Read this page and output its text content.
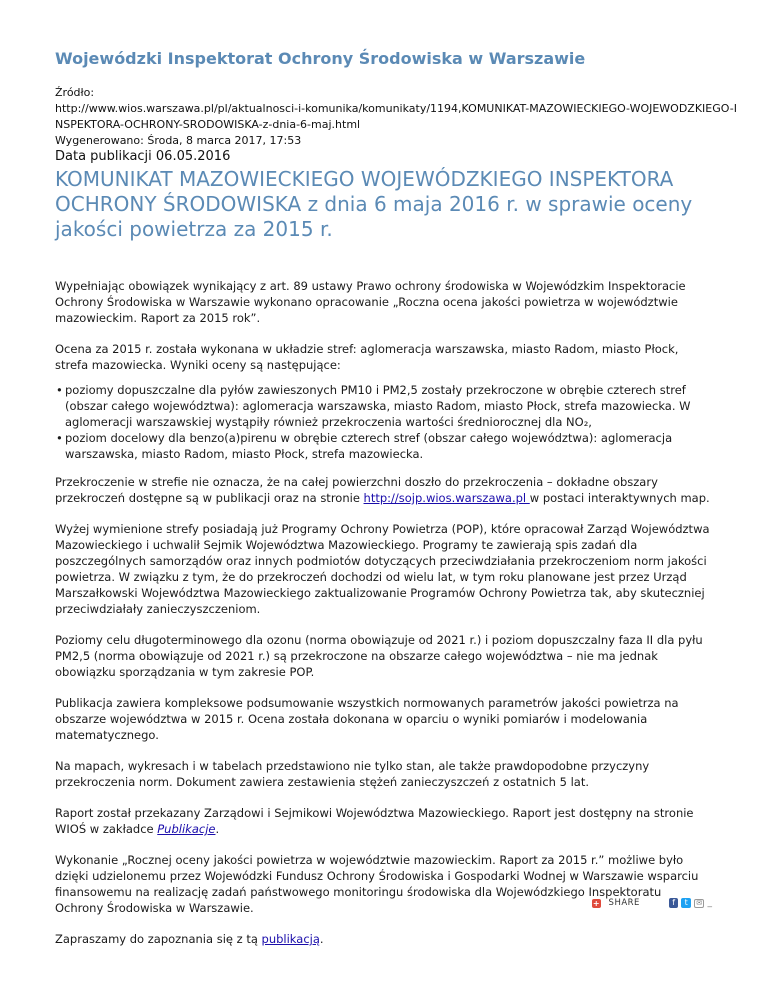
Wojewódzki Inspektorat Ochrony Środowiska w Warszawie
Źródło:
http://www.wios.warszawa.pl/pl/aktualnosci-i-komunika/komunikaty/1194,KOMUNIKAT-MAZOWIECKIEGO-WOJEWODZKIEGO-I
NSPEKTORA-OCHRONY-SRODOWISKA-z-dnia-6-maj.html
Wygenerowano: Środa, 8 marca 2017, 17:53
Data publikacji 06.05.2016
KOMUNIKAT MAZOWIECKIEGO WOJEWÓDZKIEGO INSPEKTORA OCHRONY ŚRODOWISKA z dnia 6 maja 2016 r. w sprawie oceny jakości powietrza za 2015 r.

Wypełniając obowiązek wynikający z art. 89 ustawy Prawo ochrony środowiska w Wojewódzkim Inspektoracie Ochrony Środowiska w Warszawie wykonano opracowanie „Roczna ocena jakości powietrza w województwie mazowieckim. Raport za 2015 rok”.

Ocena za 2015 r. została wykonana w układzie stref: aglomeracja warszawska, miasto Radom, miasto Płock, strefa mazowiecka. Wyniki oceny są następujące:

• poziomy dopuszczalne dla pyłów zawieszonych PM10 i PM2,5 zostały przekroczone w obrębie czterech stref (obszar całego województwa): aglomeracja warszawska, miasto Radom, miasto Płock, strefa mazowiecka. W aglomeracji warszawskiej wystąpiły również przekroczenia wartości średniorocznej dla NO₂,
• poziom docelowy dla benzo(a)pirenu w obrębie czterech stref (obszar całego województwa): aglomeracja warszawska, miasto Radom, miasto Płock, strefa mazowiecka.

Przekroczenie w strefie nie oznacza, że na całej powierzchni doszło do przekroczenia – dokładne obszary przekroczeń dostępne są w publikacji oraz na stronie http://sojp.wios.warszawa.pl w postaci interaktywnych map.

Wyżej wymienione strefy posiadają już Programy Ochrony Powietrza (POP), które opracował Zarząd Województwa Mazowieckiego i uchwalił Sejmik Województwa Mazowieckiego. Programy te zawierają spis zadań dla poszczególnych samorządów oraz innych podmiotów dotyczących przeciwdziałania przekroczeniom norm jakości powietrza. W związku z tym, że do przekroczeń dochodzi od wielu lat, w tym roku planowane jest przez Urząd Marszałkowski Województwa Mazowieckiego zaktualizowanie Programów Ochrony Powietrza tak, aby skuteczniej przeciwdziałały zanieczyszczeniom.

Poziomy celu długoterminowego dla ozonu (norma obowiązuje od 2021 r.) i poziom dopuszczalny faza II dla pyłu PM2,5 (norma obowiązuje od 2021 r.) są przekroczone na obszarze całego województwa – nie ma jednak obowiązku sporządzania w tym zakresie POP.

Publikacja zawiera kompleksowe podsumowanie wszystkich normowanych parametrów jakości powietrza na obszarze województwa w 2015 r. Ocena została dokonana w oparciu o wyniki pomiarów i modelowania matematycznego.

Na mapach, wykresach i w tabelach przedstawiono nie tylko stan, ale także prawdopodobne przyczyny przekroczenia norm. Dokument zawiera zestawienia stężeń zanieczyszczeń z ostatnich 5 lat.

Raport został przekazany Zarządowi i Sejmikowi Województwa Mazowieckiego. Raport jest dostępny na stronie WIOŚ w zakładce Publikacje.

Wykonanie „Rocznej oceny jakości powietrza w województwie mazowieckim. Raport za 2015 r.” możliwe było dzięki udzielonemu przez Wojewódzki Fundusz Ochrony Środowiska i Gospodarki Wodnej w Warszawie wsparciu finansowemu na realizację zadań państwowego monitoringu środowiska dla Wojewódzkiego Inspektoratu Ochrony Środowiska w Warszawie.

Zapraszamy do zapoznania się z tą publikacją.

+ SHARE	f	t	✉ _
